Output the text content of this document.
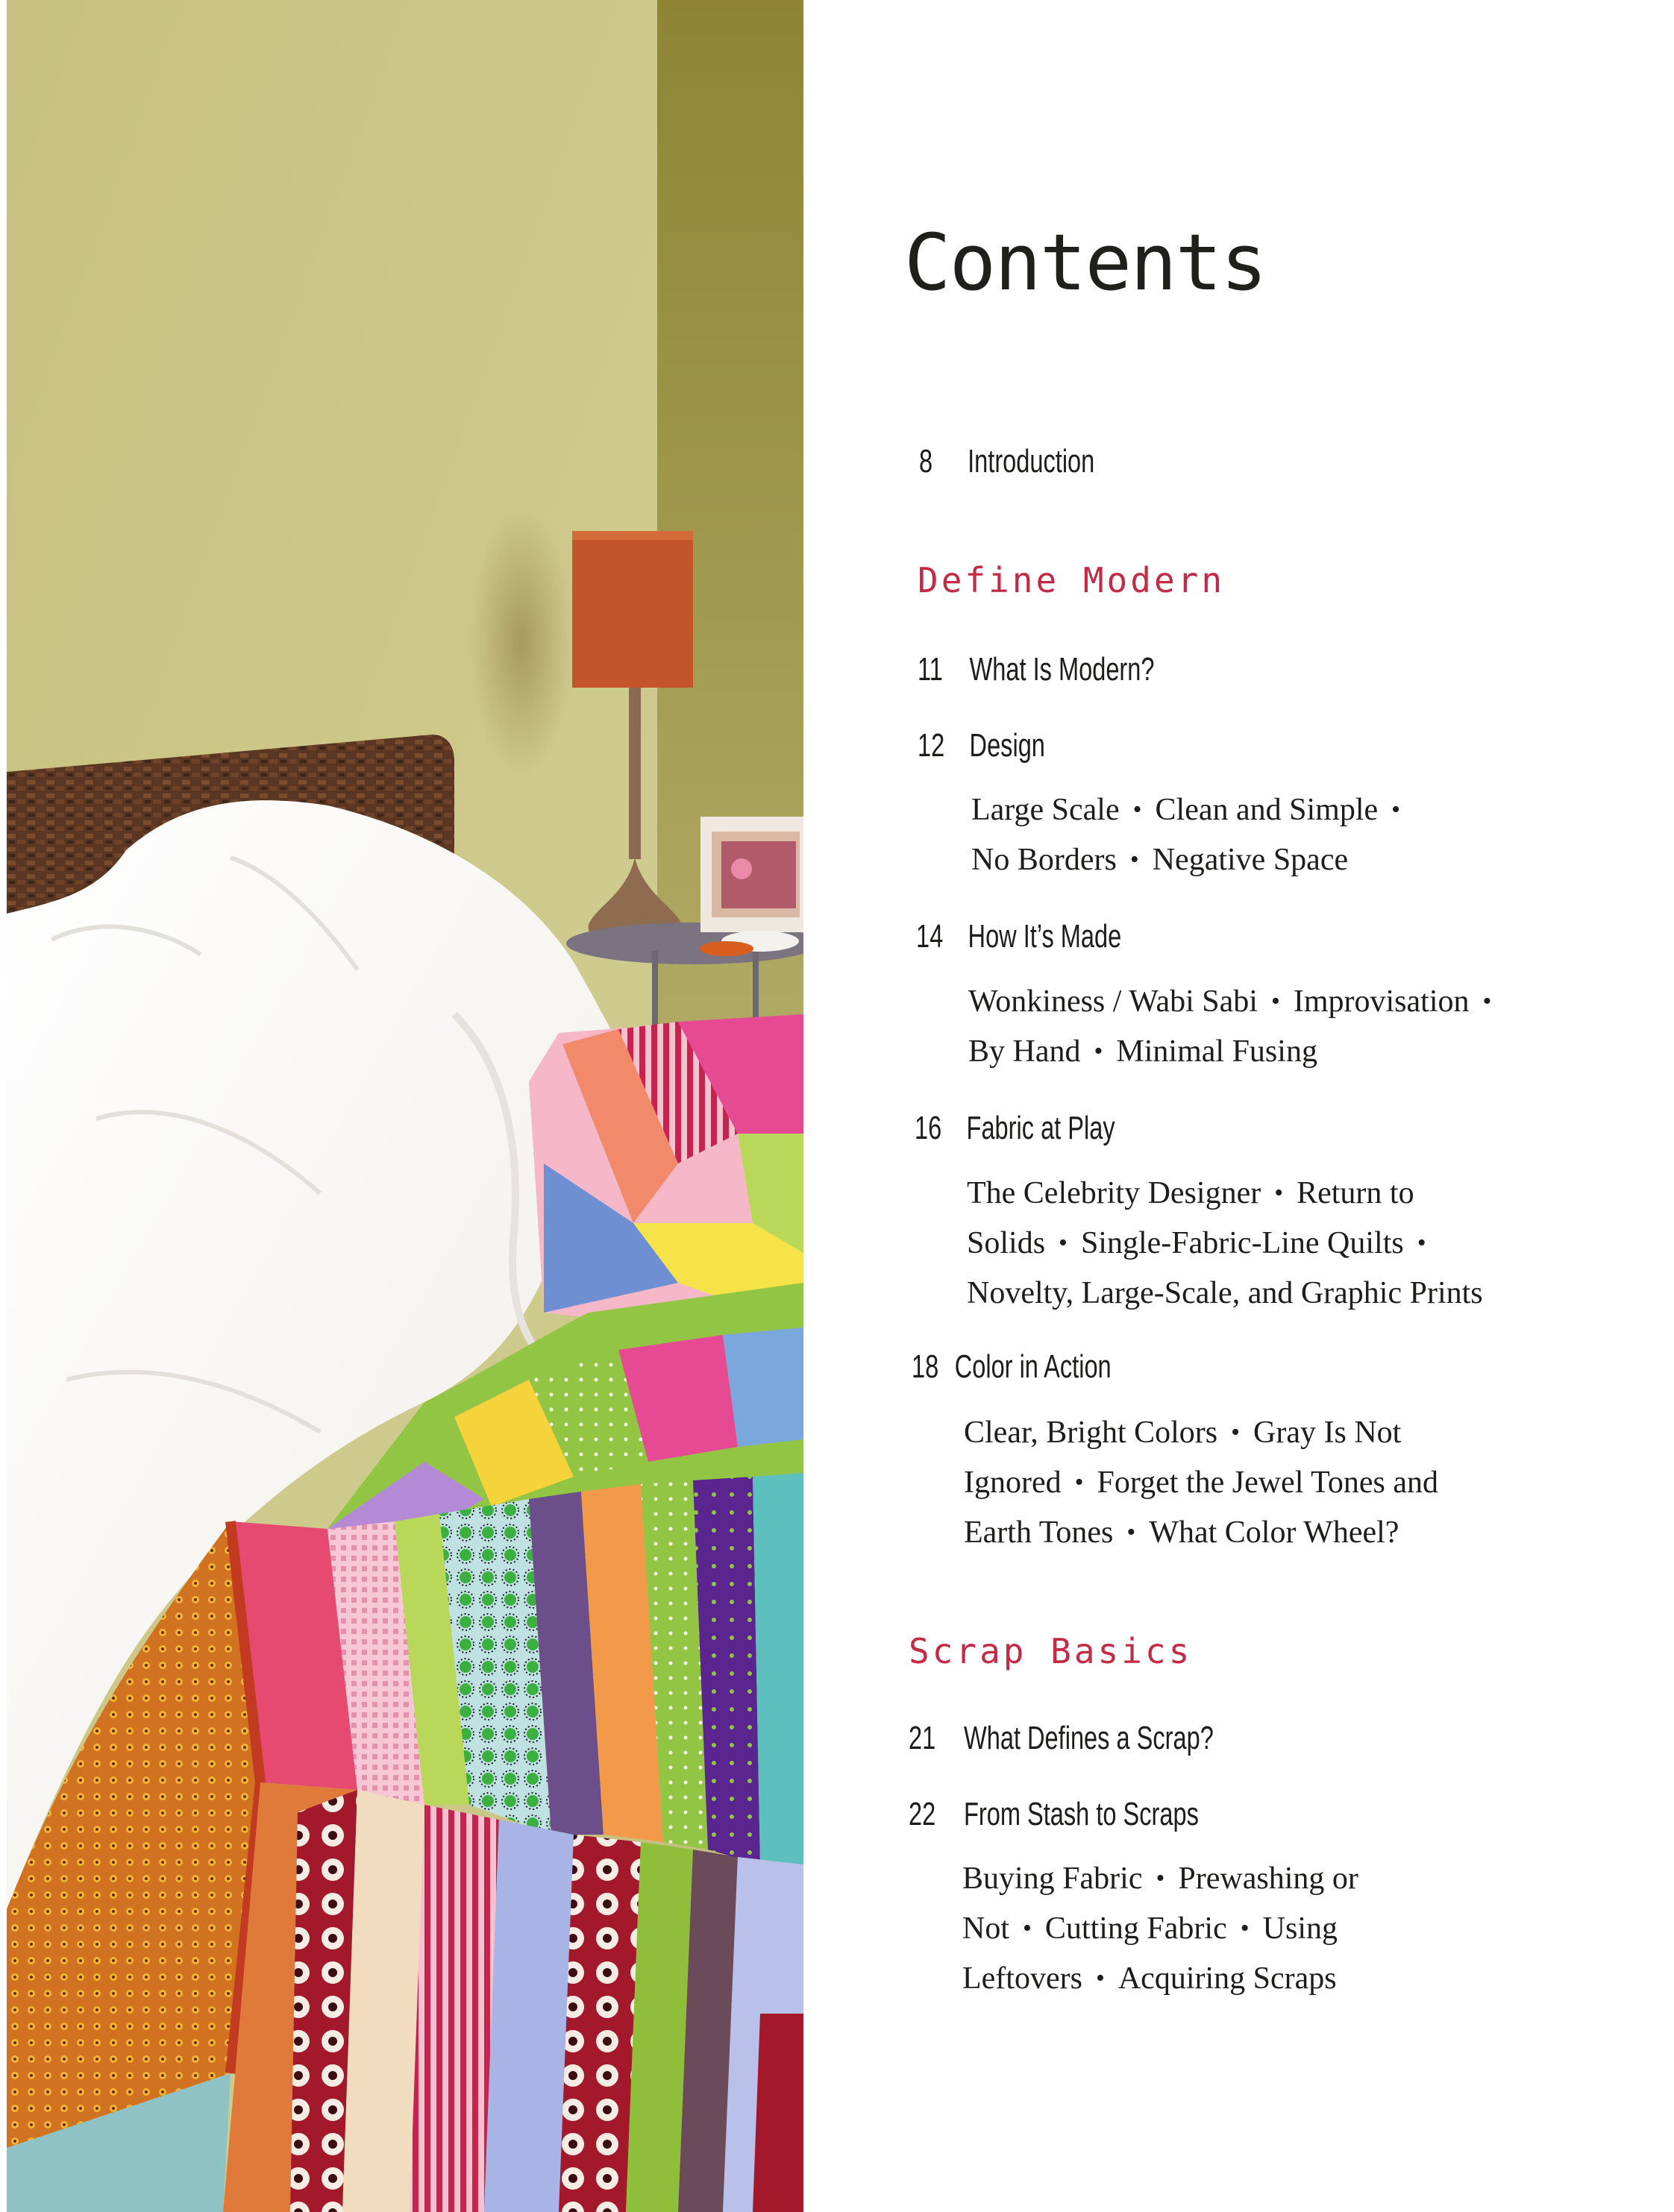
Contents
8 Introduction
Define Modern
11 What Is Modern?
12 Design
Large Scale • Clean and Simple •
No Borders • Negative Space
14 How It’s Made
Wonkiness / Wabi Sabi • Improvisation •
By Hand • Minimal Fusing
16 Fabric at Play
The Celebrity Designer • Return to
Solids • Single-Fabric-Line Quilts •
Novelty, Large-Scale, and Graphic Prints
18 Color in Action
Clear, Bright Colors • Gray Is Not
Ignored • Forget the Jewel Tones and
Earth Tones • What Color Wheel?
Scrap Basics
21 What Defines a Scrap?
22 From Stash to Scraps
Buying Fabric • Prewashing or
Not • Cutting Fabric • Using
Leftovers • Acquiring Scraps
